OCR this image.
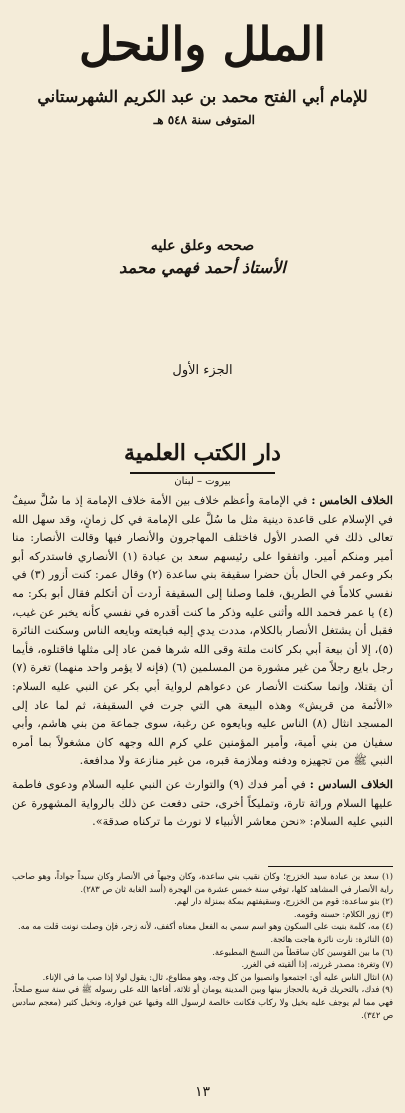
الملل والنحل
للإمام أبي الفتح محمد بن عبد الكريم الشهرستاني
المتوفى سنة ٥٤٨ هـ
صححه وعلق عليه
الأستاذ أحمد فهمي محمد
الجزء الأول
دار الكتب العلمية
بيروت – لبنان

الخلاف الخامس : في الإمامة وأعظم خلاف بين الأمة خلاف الإمامة إذ ما سُلَّ سيفٌ في الإسلام على قاعدة دينية مثل ما سُلَّ على الإمامة في كل زمانٍ، وقد سهل الله تعالى ذلك في الصدر الأول فاختلف المهاجرون والأنصار فيها وقالت الأنصار: منا أمير ومنكم أمير. واتفقوا على رئيسهم سعد بن عبادة (١) الأنصاري فاستدركه أبو بكر وعمر في الحال بأن حضرا سقيفة بني ساعدة (٢) وقال عمر: كنت أزور (٣) في نفسي كلاماً في الطريق، فلما وصلنا إلى السقيفة أردت أن أتكلم فقال أبو بكر: مه (٤) يا عمر فحمد الله وأثنى عليه وذكر ما كنت أقدره في نفسي كأنه يخبر عن غيب، فقبل أن يشتغل الأنصار بالكلام، مددت يدي إليه فبايعته وبايعه الناس وسكنت النائرة (٥)، إلا أن بيعة أبي بكر كانت ملتة وقى الله شرها فمن عاد إلى مثلها فاقتلوه، فأيما رجل بايع رجلاً من غير مشورة من المسلمين (٦) (فإنه لا يؤمر واحد منهما) تغرة (٧) أن يقتلا، وإنما سكنت الأنصار عن دعواهم لرواية أبي بكر عن النبي عليه السلام: «الأئمة من قريش» وهذه البيعة هي التي جرت في السقيفة، ثم لما عاد إلى المسجد انثال (٨) الناس عليه وبايعوه عن رغبة، سوى جماعة من بني هاشم، وأبي سفيان من بني أمية، وأمير المؤمنين علي كرم الله وجهه كان مشغولاً بما أمره النبي ﷺ من تجهيزه ودفنه وملازمة قبره، من غير منازعة ولا مدافعة.

الخلاف السادس : في أمر فدك (٩) والتوارث عن النبي عليه السلام ودعوى فاطمة عليها السلام وراثة تارة، وتمليكاً أخرى، حتى دفعت عن ذلك بالرواية المشهورة عن النبي عليه السلام: «نحن معاشر الأنبياء لا نورث ما تركناه صدقة».

(١) سعد بن عبادة سيد الخزرج؛ وكان نقيب بني ساعدة، وكان وجيهاً في الأنصار وكان سيداً جواداً، وهو صاحب راية الأنصار في المشاهد كلها، توفي سنة خمس عشرة من الهجرة (أسد الغابة ثان ص ٢٨٣).

(٢) بنو ساعدة: قوم من الخزرج، وسقيفتهم بمكة بمنزلة دار لهم.

(٣) زور الكلام: حسنه وقومه.

(٤) مه، كلمة بنيت على السكون وهو اسم سمي به الفعل معناه أكفف، لأنه زجر، فإن وصلت نونت قلت مه مه.

(٥) النائرة: نارت نائرة هاجت هائجة.

(٦) ما بين القوسين كان ساقطاً من النسخ المطبوعة.

(٧) وتغرة: مصدر غررته، إذا ألقيته في الغرر.

(٨) انثال الناس عليه أي: اجتمعوا وانصبوا من كل وجه، وهو مطاوع، ثال: يقول لولا إذا صب ما في الإناء.

(٩) فدك، بالتحريك قرية بالحجاز بينها وبين المدينة يومان أو ثلاثة، أفاءها الله على رسوله ﷺ في سنة سبع صلحاً، فهي مما لم يوجف عليه بخيل ولا ركاب فكانت خالصة لرسول الله وفيها عين فوارة، ونخيل كثير (معجم سادس ص ٣٤٢).

١٣
